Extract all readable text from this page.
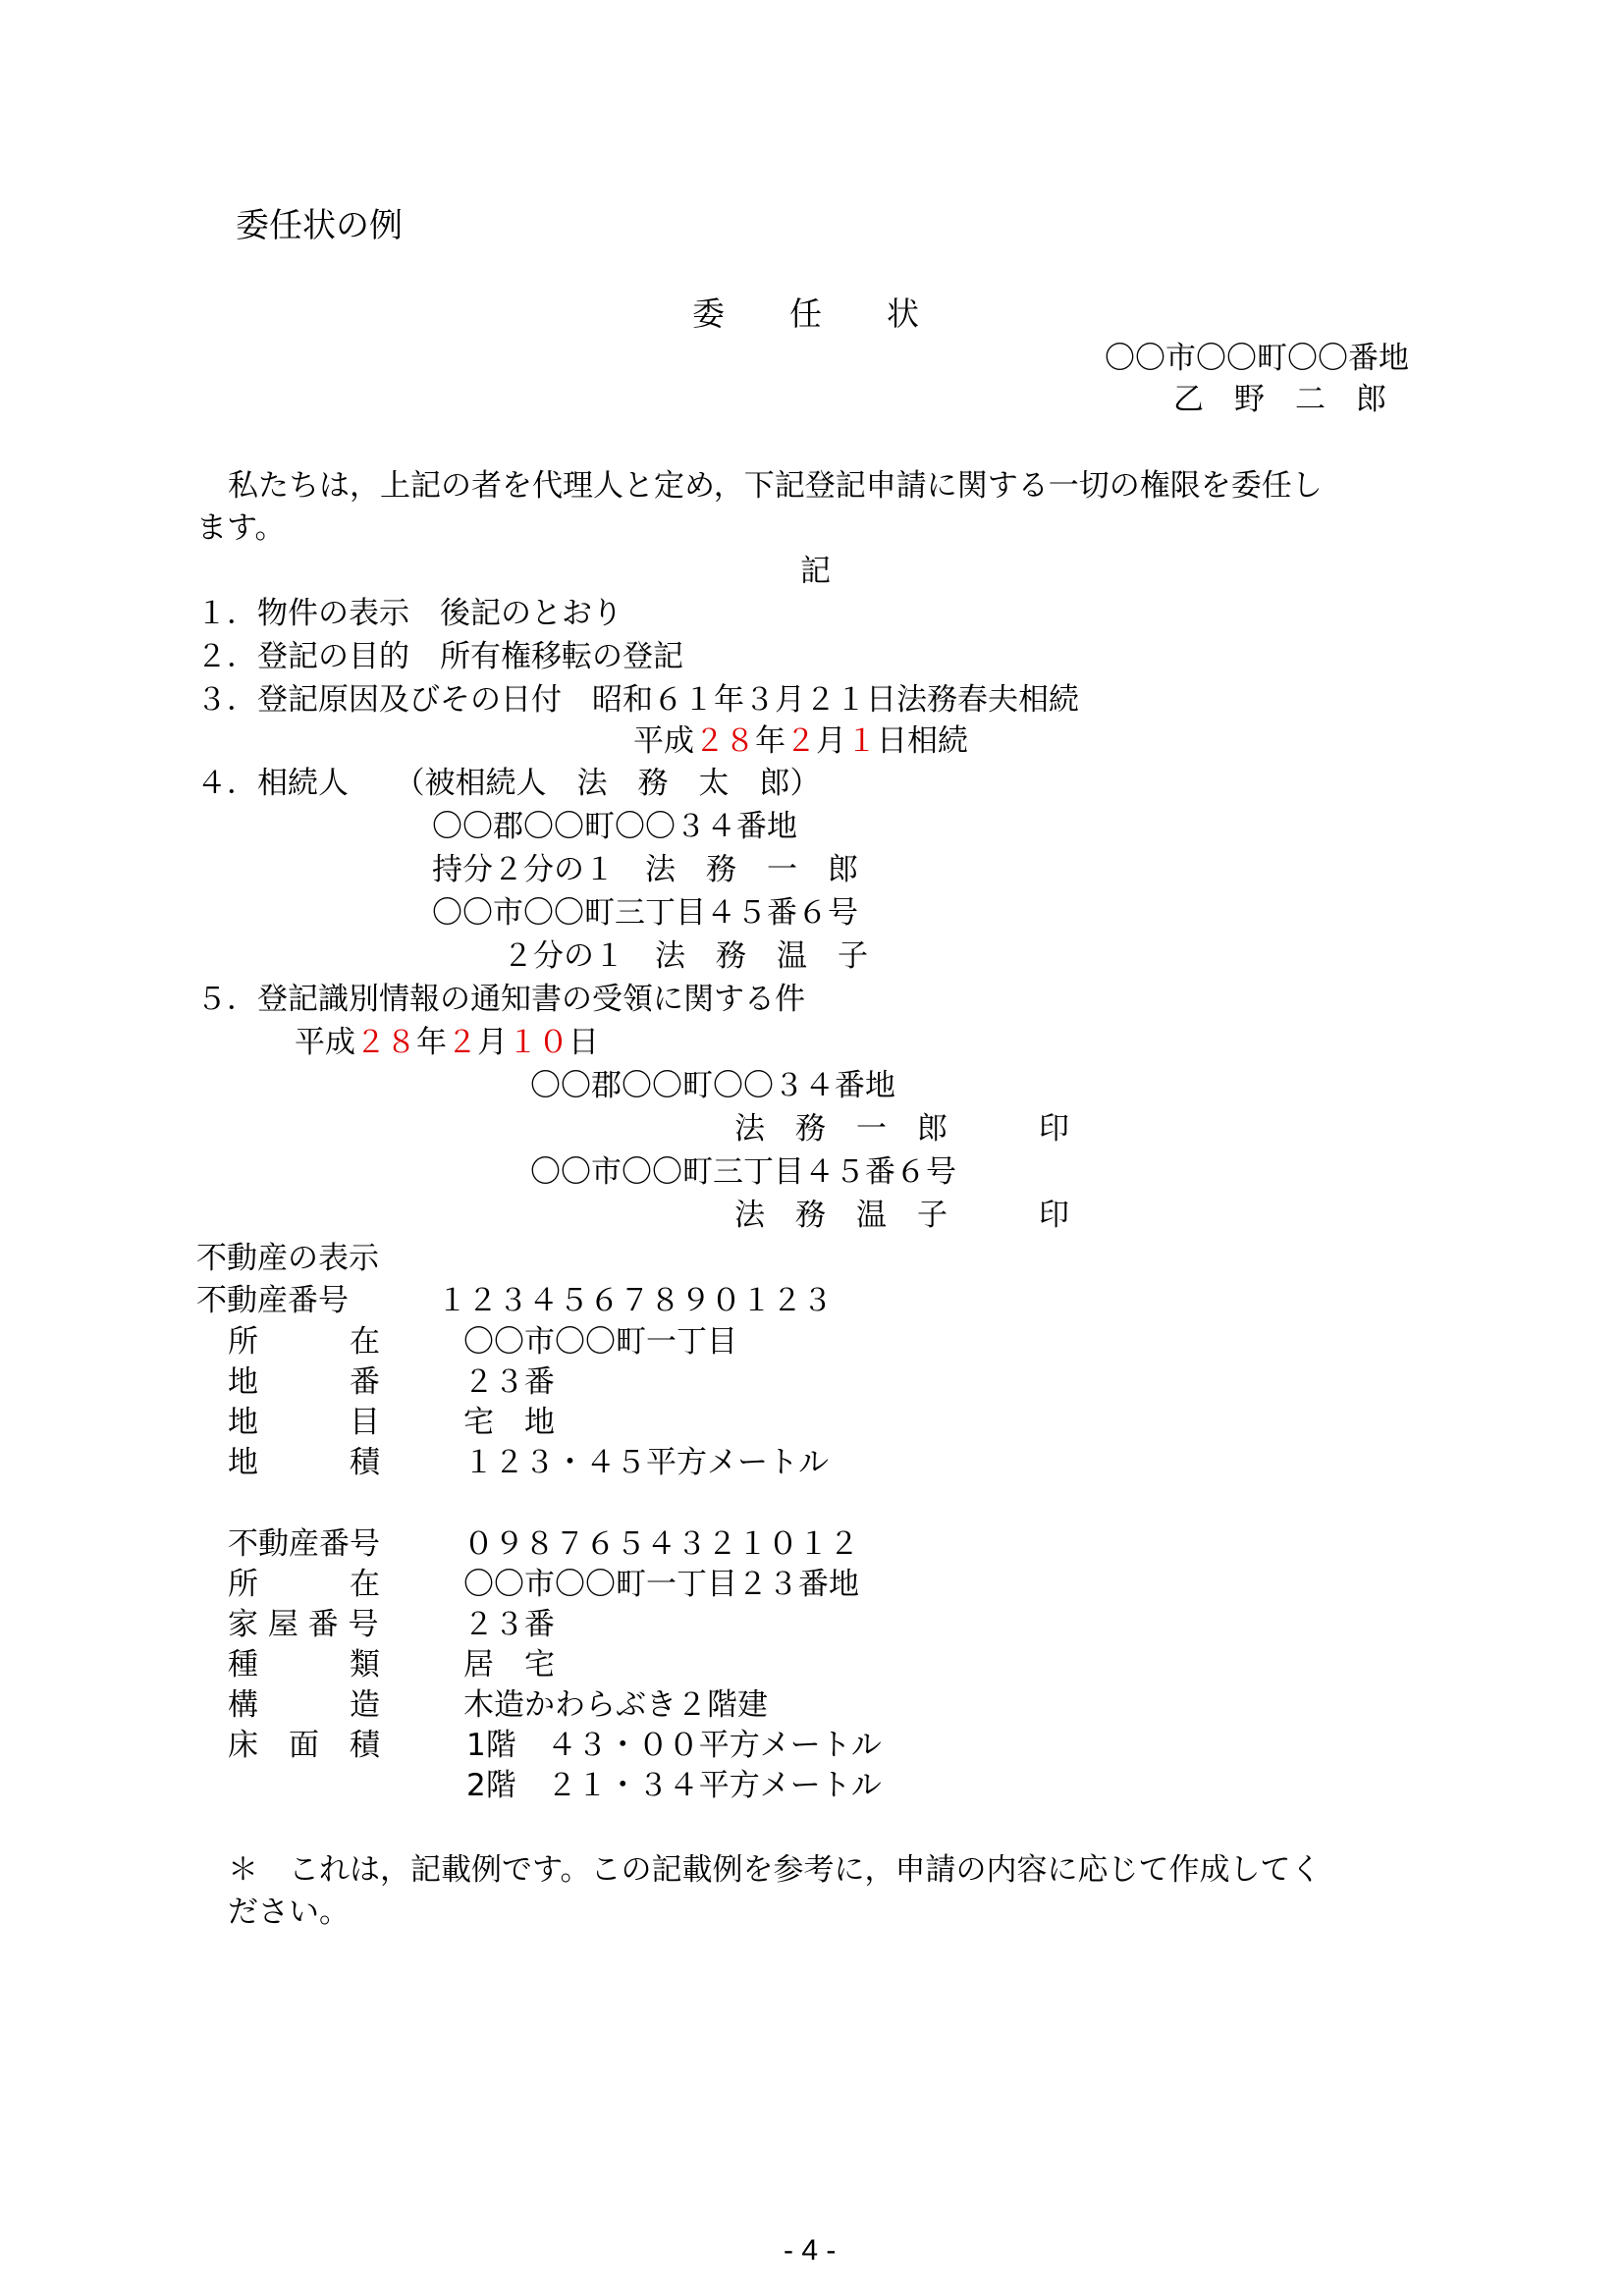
委任状の例
委　　任　　状
〇〇市〇〇町〇〇番地
乙　野　二　郎
私たちは，上記の者を代理人と定め，下記登記申請に関する一切の権限を委任し
ます。
記
１．物件の表示　後記のとおり
２．登記の目的　所有権移転の登記
３．登記原因及びその日付　昭和６１年３月２１日法務春夫相続
平成２８年２月１日相続
４．相続人　　（被相続人　法　務　太　郎）
〇〇郡〇〇町〇〇３４番地
持分２分の１　法　務　一　郎
〇〇市〇〇町三丁目４５番６号
２分の１　法　務　温　子
５．登記識別情報の通知書の受領に関する件
平成２８年２月１０日
〇〇郡〇〇町〇〇３４番地
法　務　一　郎	印
〇〇市〇〇町三丁目４５番６号
法　務　温　子	印
不動産の表示
不動産番号	１２３４５６７８９０１２３
所　　　在	〇〇市〇〇町一丁目
地　　　番	２３番
地　　　目	宅　地
地　　　積	１２３・４５平方メートル
不動産番号	０９８７６５４３２１０１２
所　　　在	〇〇市〇〇町一丁目２３番地
家 屋 番 号	２３番
種　　　類	居　宅
構　　　造	木造かわらぶき２階建
床　面　積	1階　４３・００平方メートル
2階　２１・３４平方メートル
＊　これは，記載例です。この記載例を参考に，申請の内容に応じて作成してく
ださい。
- 4 -
